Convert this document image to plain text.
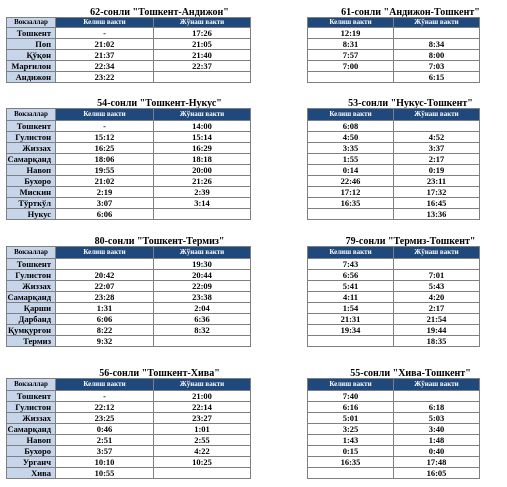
62-сонли "Тошкент-Андижон"	61-сонли "Андижон-Тошкент"
Вокзаллар	Келиш вакти	Жўнаш вакти		Келиш вакти	Жўнаш вакти
Тошкент	-	17:26		12:19	
Поп	21:02	21:05		8:31	8:34
Қўқон	21:37	21:40		7:57	8:00
Марғилон	22:34	22:37		7:00	7:03
Андижон	23:22				6:15
54-сонли "Тошкент-Нукус"	53-сонли "Нукус-Тошкент"
Вокзаллар	Келиш вакти	Жўнаш вакти		Келиш вакти	Жўнаш вакти
Тошкент	-	14:00		6:08	
Гулистон	15:12	15:14		4:50	4:52
Жиззах	16:25	16:29		3:35	3:37
Самарқанд	18:06	18:18		1:55	2:17
Навоп	19:55	20:00		0:14	0:19
Бухоро	21:02	21:26		22:46	23:11
Мискин	2:19	2:39		17:12	17:32
Тўрткўл	3:07	3:14		16:35	16:45
Нукус	6:06				13:36
80-сонли "Тошкент-Термиз"	79-сонли "Термиз-Тошкент"
Вокзаллар	Келиш вакти	Жўнаш вакти		Келиш вакти	Жўнаш вакти
Тошкент		19:30		7:43	
Гулистон	20:42	20:44		6:56	7:01
Жиззах	22:07	22:09		5:41	5:43
Самарқанд	23:28	23:38		4:11	4:20
Қарши	1:31	2:04		1:54	2:17
Дарбанд	6:06	6:36		21:31	21:54
Қумқурғон	8:22	8:32		19:34	19:44
Термиз	9:32				18:35
56-сонли "Тошкент-Хива"	55-сонли "Хива-Тошкент"
Вокзаллар	Келиш вакти	Жўнаш вакти		Келиш вакти	Жўнаш вакти
Тошкент	-	21:00		7:40	
Гулистон	22:12	22:14		6:16	6:18
Жиззах	23:25	23:27		5:01	5:03
Самарқанд	0:46	1:01		3:25	3:40
Навоп	2:51	2:55		1:43	1:48
Бухоро	3:57	4:22		0:15	0:40
Урганч	10:10	10:25		16:35	17:48
Хива	10:55				16:05
